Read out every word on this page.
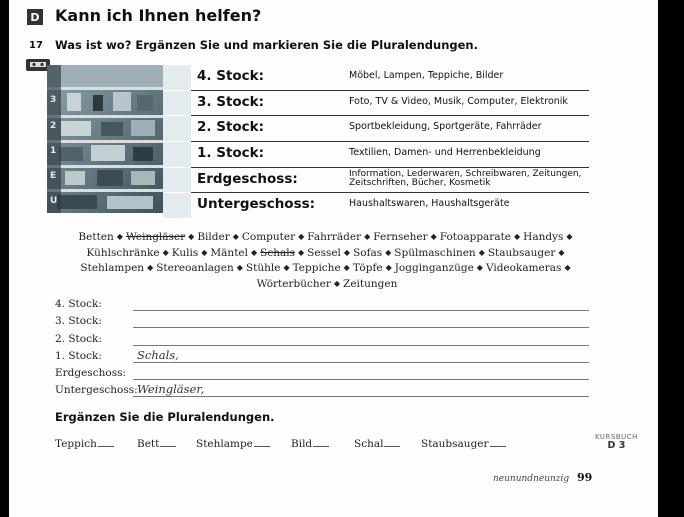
D Kann ich Ihnen helfen?
17 Was ist wo? Ergänzen Sie und markieren Sie die Pluralendungen.
3
2
1
E
U
4. Stock:	Möbel, Lampen, Teppiche, Bilder
3. Stock:	Foto, TV & Video, Musik, Computer, Elektronik
2. Stock:	Sportbekleidung, Sportgeräte, Fahrräder
1. Stock:	Textilien, Damen- und Herrenbekleidung
Erdgeschoss:	Information, Lederwaren, Schreibwaren, Zeitungen, Zeitschriften, Bücher, Kosmetik
Untergeschoss:	Haushaltswaren, Haushaltsgeräte
Betten ◆ Weingläser ◆ Bilder ◆ Computer ◆ Fahrräder ◆ Fernseher ◆ Fotoapparate ◆ Handys ◆
Kühlschränke ◆ Kulis ◆ Mäntel ◆ Schals ◆ Sessel ◆ Sofas ◆ Spülmaschinen ◆ Staubsauger ◆
Stehlampen ◆ Stereoanlagen ◆ Stühle ◆ Teppiche ◆ Töpfe ◆ Jogginganzüge ◆ Videokameras ◆
Wörterbücher ◆ Zeitungen
4. Stock:
3. Stock:
2. Stock:
1. Stock:	Schals,
Erdgeschoss:
Untergeschoss: Weingläser,
Ergänzen Sie die Pluralendungen.
Teppich	Bett	Stehlampe	Bild	Schal	Staubsauger
KURSBUCH
D 3
neunundneunzig 99
